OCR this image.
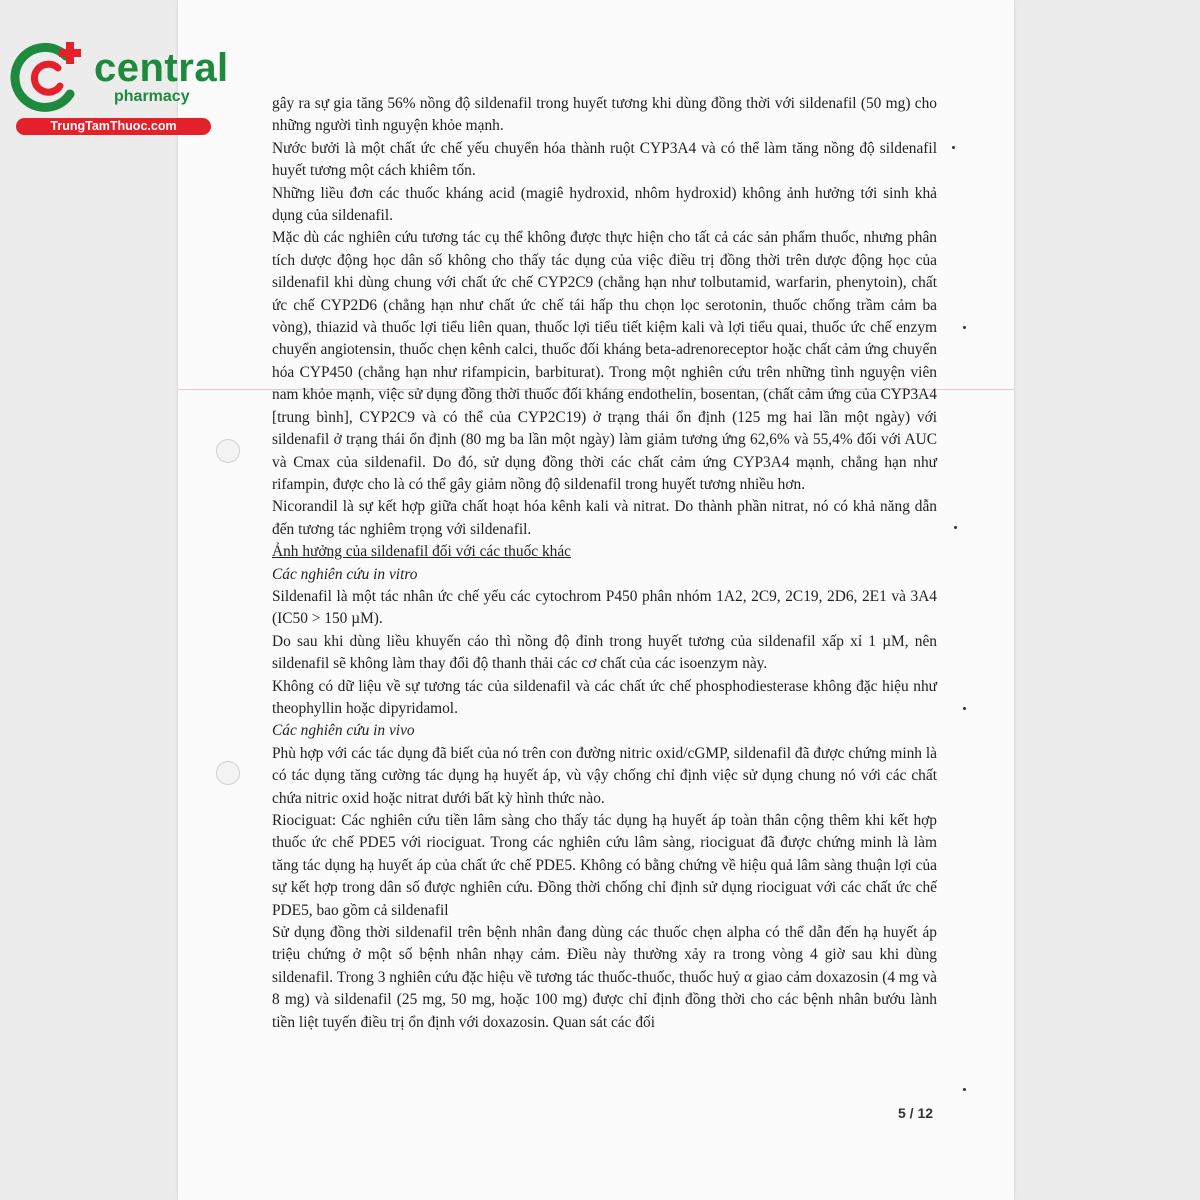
central
pharmacy
TrungTamThuoc.com

gây ra sự gia tăng 56% nồng độ sildenafil trong huyết tương khi dùng đồng thời với sildenafil (50 mg) cho những người tình nguyện khỏe mạnh.

Nước bưởi là một chất ức chế yếu chuyển hóa thành ruột CYP3A4 và có thể làm tăng nồng độ sildenafil huyết tương một cách khiêm tốn.

Những liều đơn các thuốc kháng acid (magiê hydroxid, nhôm hydroxid) không ảnh hưởng tới sinh khả dụng của sildenafil.

Mặc dù các nghiên cứu tương tác cụ thể không được thực hiện cho tất cả các sản phẩm thuốc, nhưng phân tích dược động học dân số không cho thấy tác dụng của việc điều trị đồng thời trên dược động học của sildenafil khi dùng chung với chất ức chế CYP2C9 (chẳng hạn như tolbutamid, warfarin, phenytoin), chất ức chế CYP2D6 (chẳng hạn như chất ức chế tái hấp thu chọn lọc serotonin, thuốc chống trầm cảm ba vòng), thiazid và thuốc lợi tiểu liên quan, thuốc lợi tiểu tiết kiệm kali và lợi tiểu quai, thuốc ức chế enzym chuyển angiotensin, thuốc chẹn kênh calci, thuốc đối kháng beta-adrenoreceptor hoặc chất cảm ứng chuyển hóa CYP450 (chẳng hạn như rifampicin, barbiturat). Trong một nghiên cứu trên những tình nguyện viên nam khỏe mạnh, việc sử dụng đồng thời thuốc đối kháng endothelin, bosentan, (chất cảm ứng của CYP3A4 [trung bình], CYP2C9 và có thể của CYP2C19) ở trạng thái ổn định (125 mg hai lần một ngày) với sildenafil ở trạng thái ổn định (80 mg ba lần một ngày) làm giảm tương ứng 62,6% và 55,4% đối với AUC và Cmax của sildenafil. Do đó, sử dụng đồng thời các chất cảm ứng CYP3A4 mạnh, chẳng hạn như rifampin, được cho là có thể gây giảm nồng độ sildenafil trong huyết tương nhiều hơn.

Nicorandil là sự kết hợp giữa chất hoạt hóa kênh kali và nitrat. Do thành phần nitrat, nó có khả năng dẫn đến tương tác nghiêm trọng với sildenafil.

Ảnh hưởng của sildenafil đối với các thuốc khác

Các nghiên cứu in vitro

Sildenafil là một tác nhân ức chế yếu các cytochrom P450 phân nhóm 1A2, 2C9, 2C19, 2D6, 2E1 và 3A4 (IC50 > 150 µM).

Do sau khi dùng liều khuyến cáo thì nồng độ đỉnh trong huyết tương của sildenafil xấp xỉ 1 µM, nên sildenafil sẽ không làm thay đổi độ thanh thải các cơ chất của các isoenzym này.

Không có dữ liệu về sự tương tác của sildenafil và các chất ức chế phosphodiesterase không đặc hiệu như theophyllin hoặc dipyridamol.

Các nghiên cứu in vivo

Phù hợp với các tác dụng đã biết của nó trên con đường nitric oxid/cGMP, sildenafil đã được chứng minh là có tác dụng tăng cường tác dụng hạ huyết áp, vù vậy chống chỉ định việc sử dụng chung nó với các chất chứa nitric oxid hoặc nitrat dưới bất kỳ hình thức nào.

Riociguat: Các nghiên cứu tiền lâm sàng cho thấy tác dụng hạ huyết áp toàn thân cộng thêm khi kết hợp thuốc ức chế PDE5 với riociguat. Trong các nghiên cứu lâm sàng, riociguat đã được chứng minh là làm tăng tác dụng hạ huyết áp của chất ức chế PDE5. Không có bằng chứng về hiệu quả lâm sàng thuận lợi của sự kết hợp trong dân số được nghiên cứu. Đồng thời chống chỉ định sử dụng riociguat với các chất ức chế PDE5, bao gồm cả sildenafil

Sử dụng đồng thời sildenafil trên bệnh nhân đang dùng các thuốc chẹn alpha có thể dẫn đến hạ huyết áp triệu chứng ở một số bệnh nhân nhạy cảm. Điều này thường xảy ra trong vòng 4 giờ sau khi dùng sildenafil. Trong 3 nghiên cứu đặc hiệu về tương tác thuốc-thuốc, thuốc huỷ α giao cảm doxazosin (4 mg và 8 mg) và sildenafil (25 mg, 50 mg, hoặc 100 mg) được chỉ định đồng thời cho các bệnh nhân bướu lành tiền liệt tuyến điều trị ổn định với doxazosin. Quan sát các đối

5 / 12
